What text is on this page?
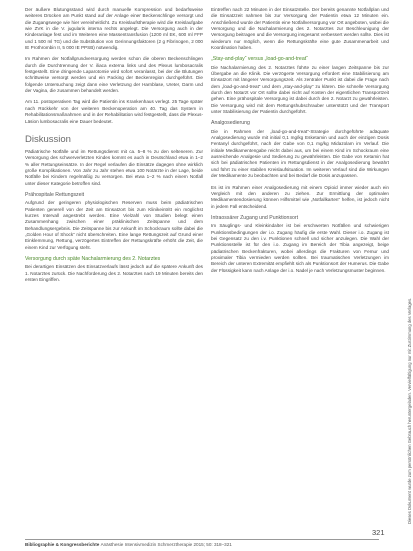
Der äußere Blutungsstand wird durch manuelle Kompression und bedarfsweise weiteres Drücken am Punkt stand auf der Anlage einer Beckenschlinge versorgt und die Zugangswege wie hier vereinheitlicht. Zu Kreislaufstherapie wird die Kreislaufgabe wie ZVK in die V. jugularis interna rechts angelegt. Die Versorgung auch in der Kinderanlage fest und im Weiteren eine Massentransfusion (1200 ml EK, 600 ml FFP und 1 500 ml TG) und die Substitution von Gerinnungsfaktoren (2 g Fibrinogen, 2 000 IE Prothrombin II, 5 000 IE PPSB) notwendig.

Im Rahmen der Notfallgrundversorgung werden schon die oberen Beckenschlingen durch die Durchtrennung der V. iliaca externa links und des Plexus lumbosacralis festgestellt. Eine dringende Laparotomie wird sofort veranlasst, bei der die Blutungen schrittweise versorgt werden und ein Packing der Beckenregion durchgeführt. Die folgende Untersuchung zeigt dann eine Verletzung der Harnblase, Ureter, Darm und der Vagina, die zusammen behandelt werden.

Am 11. postoperativen Tag wird die Patientin ins Krankenhaus verlegt. 25 Tage später nach Rückkehr von der weiteren Beckenoperation am 40. Tag das System in Rehabilitationsmaßnahmen und in der Rehabilitation wird festgestellt, dass die Plexus-Läsion lumbosacralis eine Dauer bedeutet.

Diskussion

Pädiatrische Notfälle und im Rettungsdienst mit ca. 5–8 % zu den selteneren. Zur Versorgung des schwerverletzten Kindes kommt es auch in Deutschland etwa in 1–2 % aller Rettungseinsätze. In der Regel verlaufen die Einsätze dagegen ohne wirklich große Komplikationen. Von Jahr zu Jahr stehen etwa 100 Notärzte in der Lage, beide Notfälle bei Kindern regelmäßig zu versorgen. Bei etwa 1–2 % nach einem Notfall unter dieser Kategorie betroffen sind.

Prähospitale Rettungszeit

Aufgrund der geringeren physiologischen Reserven muss beim pädiatrischen Patienten generell von der Zeit am Einsatzort bis zum Klinikeintritt ein möglichst kurzes Intervall angestrebt werden. Eine Vielzahl von Studien belegt einen Zusammenhang zwischen einer präklinischen Zeitspanne und dem Behandlungsergebnis. Die Zeitspanne bis zur Ankunft im Schockraum sollte dabei die „Golden Hour of Shock“ nicht überschreiten. Eine lange Rettungszeit auf Grund einer Einklemmung, Rettung, verzögertes Eintreffen der Rettungskräfte erhöht die Zeit, die einem Kind zur Verfügung steht.

Versorgung durch späte Nachalarmierung des 2. Notarztes

Bei derartigen Einsätzen des Einsatzverlaufs lässt jedoch auf die spätere Ankunft des 1. Notarztes zurück. Die Nachforderung des 2. Notarztes nach 19 Minuten bereits den ersten Eingriffen.

Eintreffen nach 22 Minuten in der Einsatzstelle. Der bereits genannte Notfallplan und die Einsatzzeit nahmen bis zur Versorgung der Patientin etwa 12 Minuten ein. Anschließend wurde der Patientin eine Notfallversorgung vor Ort angeboten, wobei die Versorgung und die Nachalarmierung des 2. Notarztes zur Beschleunigung der Versorgung beitragen und die Versorgung insgesamt verbessert werden sollte. Dies ist wiederum nur möglich, wenn die Rettungskräfte eine gute Zusammenarbeit und Koordination haben.

„Stay-and-play“ versus „load-go-and-treat“

Die Nachalarmierung des 2. Notarztes führte zu einer langen Zeitspanne bis zur Übergabe an die Klinik. Die verzögerte Versorgung erfordert eine Stabilisierung am Einsatzort mit längerer Versorgungszeit. Als zentraler Punkt ist dabei die Frage nach dem „load-go-and-treat“ und dem „stay-and-play“ zu klären. Die schnelle Versorgung durch den Notarzt vor Ort sollte dabei nicht auf Kosten der eigentlichen Transportzeit gehen. Eine prähospitale Versorgung ist dabei durch den 2. Notarzt zu gewährleisten. Die Versorgung wird mit dem Rettungshubschrauber unterstützt und der Transport unter Stabilisierung der Patientin durchgeführt.

Analgosedierung

Die in Rahmen der „load-go-and-treat“-Strategie durchgeführte adäquate Analgosedierung wurde mit initial 0,1 mg/kg Esketamin und auch der einzigen Dosis Fentanyl durchgeführt, nach der Gabe von 0,1 mg/kg Midazolam im Verlauf. Die initiale Medikamentengabe reicht dabei aus, um bei einem Kind im Schockraum eine ausreichende Analgesie und Sedierung zu gewährleisten. Die Gabe von Ketamin hat sich bei pädiatrischen Patienten im Rettungsdienst in der Analgosedierung bewährt und führt zu einer stabilen Kreislaufsituation. Im weiteren Verlauf sind die Wirkungen der Medikamente zu beobachten und bei Bedarf die Dosis anzupassen.

Es ist im Rahmen einer Analgosedierung mit einem Opioid immer wieder auch ein Vergleich mit den anderen zu ziehen. Zur Ermittlung der optimalen Medikamentendosierung können Hilfsmittel wie „Notfallkarten“ helfen, ist jedoch nicht in jedem Fall entscheidend.

Intraossärer Zugang und Punktionsort

Im Säuglings- und Kleinkindalter ist bei erschwerten Notfällen und schwierigen Punktionsbedingungen der i.o. Zugang häufig die erste Wahl. Dieser i.o. Zugang ist bei Gegensatz zu den i.v. Punktionen schnell und sicher anzulegen. Die Wahl der Punktionsstelle ist für den i.o. Zugang im Bereich der Tibia angezeigt, beige pädiatrischen Beckenfrakturen, wobei allerdings die Frakturen von Femur und proximaler Tibia vermieden werden sollten. Bei traumatischen Verletzungen im Bereich der unteren Extremität empfiehlt sich als Punktionsort der Humerus. Die Gabe der Flüssigkeit kann nach Anlage der i.o. Nadel je nach Verletzungsmuster beginnen.

Dieses Dokument wurde zum persönlichen Gebrauch heruntergeladen. Vervielfältigung nur mit Zustimmung des Verlages.
321
Bibliographie & Kongressberichte Anästhesie Intensivmedizin Schmerztherapie 2015; 50: 318–321
